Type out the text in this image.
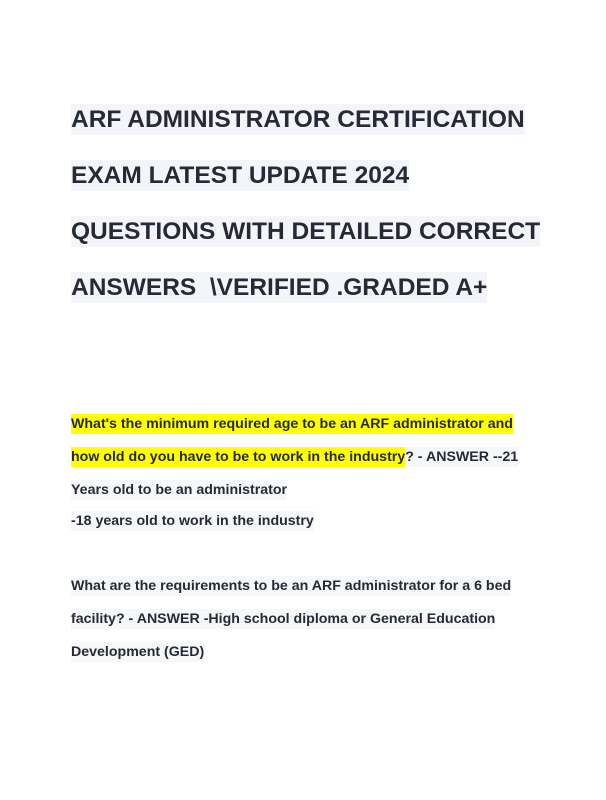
ARF ADMINISTRATOR CERTIFICATION
EXAM LATEST UPDATE 2024
QUESTIONS WITH DETAILED CORRECT
ANSWERS  \VERIFIED .GRADED A+
What's the minimum required age to be an ARF administrator and
how old do you have to be to work in the industry? - ANSWER --21
Years old to be an administrator
-18 years old to work in the industry
What are the requirements to be an ARF administrator for a 6 bed
facility? - ANSWER -High school diploma or General Education
Development (GED)
